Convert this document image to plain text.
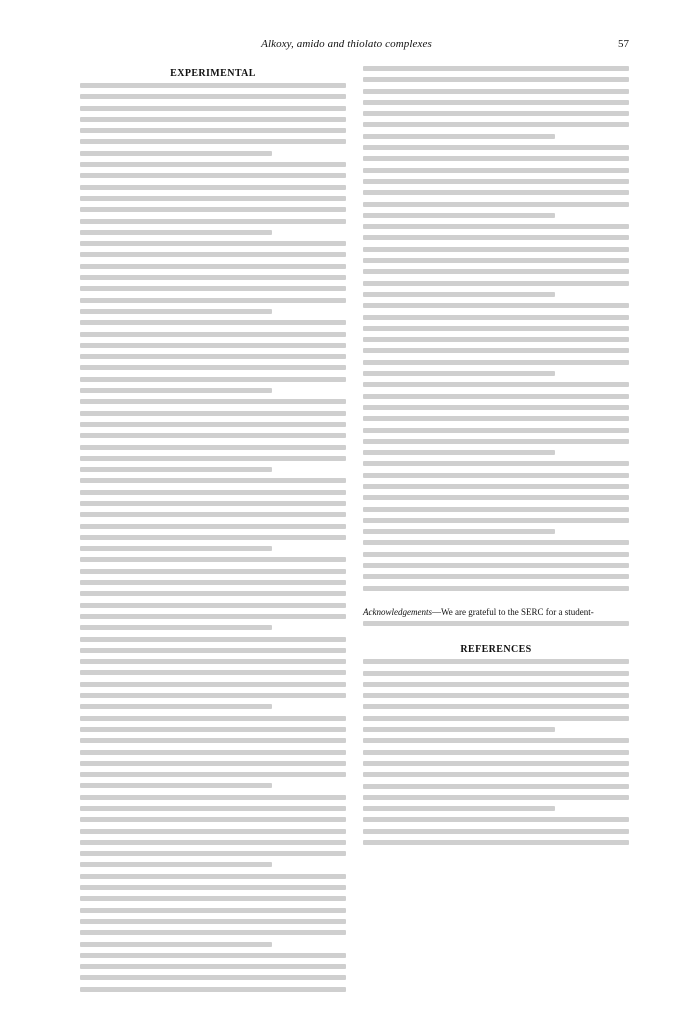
Alkoxy, amido and thiolato complexes	57
EXPERIMENTAL
Acknowledgements—We are grateful to the SERC for a student-
REFERENCES
